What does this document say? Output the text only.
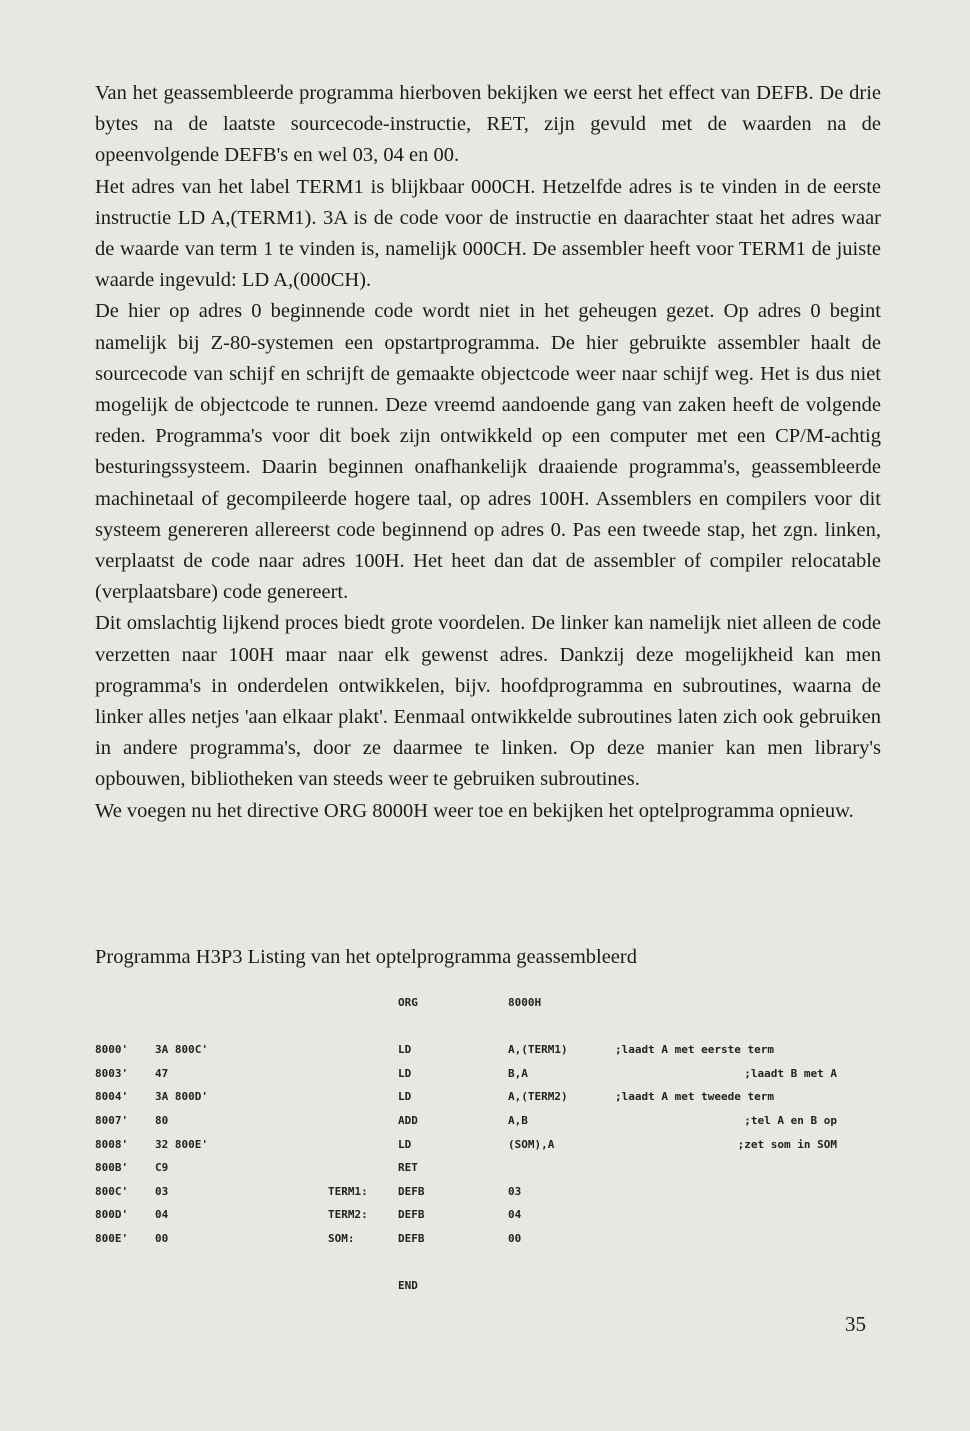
Van het geassembleerde programma hierboven bekijken we eerst het effect van DEFB. De drie bytes na de laatste sourcecode-instructie, RET, zijn gevuld met de waarden na de opeenvolgende DEFB's en wel 03, 04 en 00.

Het adres van het label TERM1 is blijkbaar 000CH. Hetzelfde adres is te vinden in de eerste instructie LD A,(TERM1). 3A is de code voor de instructie en daarachter staat het adres waar de waarde van term 1 te vinden is, namelijk 000CH. De assembler heeft voor TERM1 de juiste waarde ingevuld: LD A,(000CH).

De hier op adres 0 beginnende code wordt niet in het geheugen gezet. Op adres 0 begint namelijk bij Z-80-systemen een opstartprogramma. De hier gebruikte assembler haalt de sourcecode van schijf en schrijft de gemaakte objectcode weer naar schijf weg. Het is dus niet mogelijk de objectcode te runnen. Deze vreemd aandoende gang van zaken heeft de volgende reden. Programma's voor dit boek zijn ontwikkeld op een computer met een CP/M-achtig besturingssysteem. Daarin beginnen onafhankelijk draaiende programma's, geassembleerde machinetaal of gecompileerde hogere taal, op adres 100H. Assemblers en compilers voor dit systeem genereren allereerst code beginnend op adres 0. Pas een tweede stap, het zgn. linken, verplaatst de code naar adres 100H. Het heet dan dat de assembler of compiler relocatable (verplaatsbare) code genereert.

Dit omslachtig lijkend proces biedt grote voordelen. De linker kan namelijk niet alleen de code verzetten naar 100H maar naar elk gewenst adres. Dankzij deze mogelijkheid kan men programma's in onderdelen ontwikkelen, bijv. hoofdprogramma en subroutines, waarna de linker alles netjes 'aan elkaar plakt'. Eenmaal ontwikkelde subroutines laten zich ook gebruiken in andere programma's, door ze daarmee te linken. Op deze manier kan men library's opbouwen, bibliotheken van steeds weer te gebruiken subroutines.

We voegen nu het directive ORG 8000H weer toe en bekijken het optelprogramma opnieuw.

Programma H3P3 Listing van het optelprogramma geassembleerd
ORG	8000H
8000' 3A 800C'	LD	A,(TERM1)	;laadt A met eerste term
8003' 47	LD	B,A	;laadt B met A
8004' 3A 800D'	LD	A,(TERM2)	;laadt A met tweede term
8007' 80	ADD	A,B	;tel A en B op
8008' 32 800E'	LD	(SOM),A	;zet som in SOM
800B' C9	RET
800C' 03	TERM1:	DEFB	03
800D' 04	TERM2:	DEFB	04
800E' 00	SOM:	DEFB	00
END
35
